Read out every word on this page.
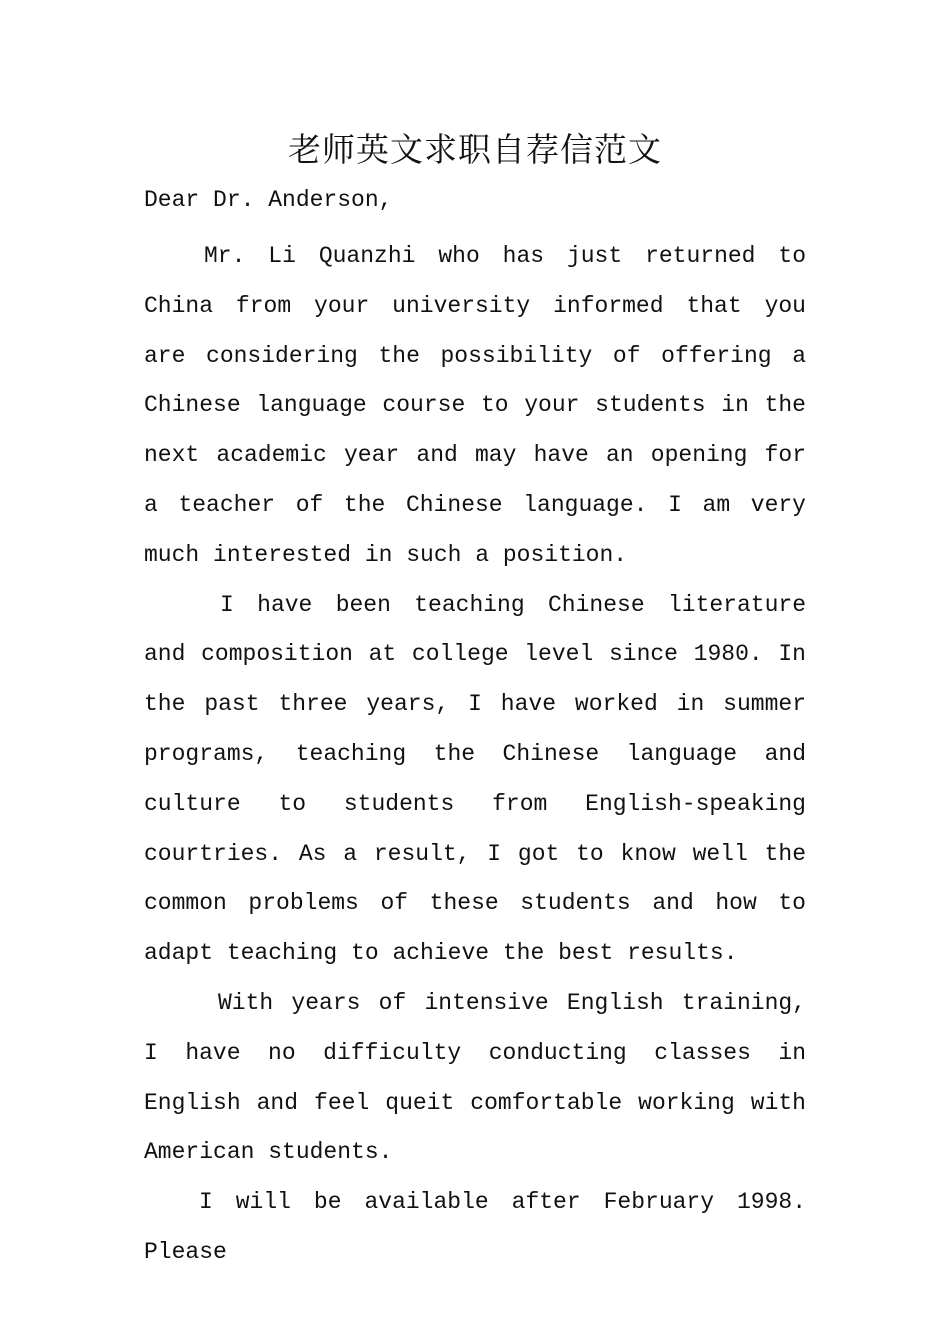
老师英文求职自荐信范文
Dear Dr. Anderson,

Mr. Li Quanzhi who has just returned to China from your university informed that you are considering the possibility of offering a Chinese language course to your students in the next academic year and may have an opening for a teacher of the Chinese language. I am very much interested in such a position.

I have been teaching Chinese literature and composition at college level since 1980. In the past three years, I have worked in summer programs, teaching the Chinese language and culture to students from English-speaking courtries. As a result, I got to know well the common problems of these students and how to adapt teaching to achieve the best results.

With years of intensive English training, I have no difficulty conducting classes in English and feel queit comfortable working with American students.

I will be available after February 1998. Please
